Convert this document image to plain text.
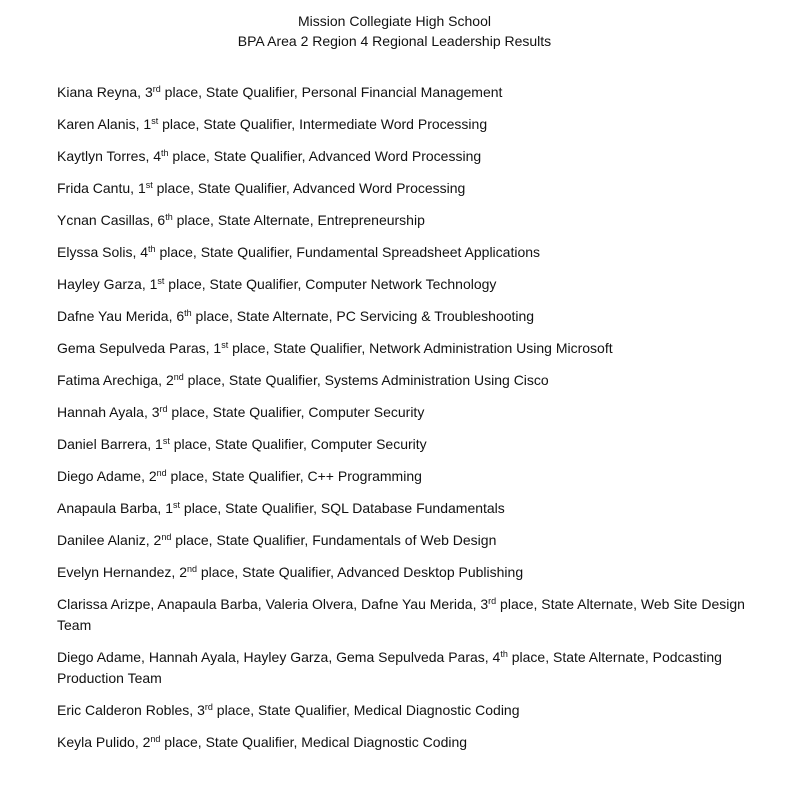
Mission Collegiate High School
BPA Area 2 Region 4 Regional Leadership Results
Kiana Reyna, 3rd place, State Qualifier, Personal Financial Management
Karen Alanis, 1st place, State Qualifier, Intermediate Word Processing
Kaytlyn Torres, 4th place, State Qualifier, Advanced Word Processing
Frida Cantu, 1st place, State Qualifier, Advanced Word Processing
Ycnan Casillas, 6th place, State Alternate, Entrepreneurship
Elyssa Solis, 4th place, State Qualifier, Fundamental Spreadsheet Applications
Hayley Garza, 1st place, State Qualifier, Computer Network Technology
Dafne Yau Merida, 6th place, State Alternate, PC Servicing & Troubleshooting
Gema Sepulveda Paras, 1st place, State Qualifier, Network Administration Using Microsoft
Fatima Arechiga, 2nd place, State Qualifier, Systems Administration Using Cisco
Hannah Ayala, 3rd place, State Qualifier, Computer Security
Daniel Barrera, 1st place, State Qualifier, Computer Security
Diego Adame, 2nd place, State Qualifier, C++ Programming
Anapaula Barba, 1st place, State Qualifier, SQL Database Fundamentals
Danilee Alaniz, 2nd place, State Qualifier, Fundamentals of Web Design
Evelyn Hernandez, 2nd place, State Qualifier, Advanced Desktop Publishing
Clarissa Arizpe, Anapaula Barba, Valeria Olvera, Dafne Yau Merida, 3rd place, State Alternate, Web Site Design Team
Diego Adame, Hannah Ayala, Hayley Garza, Gema Sepulveda Paras, 4th place, State Alternate, Podcasting Production Team
Eric Calderon Robles, 3rd place, State Qualifier, Medical Diagnostic Coding
Keyla Pulido, 2nd place, State Qualifier, Medical Diagnostic Coding
